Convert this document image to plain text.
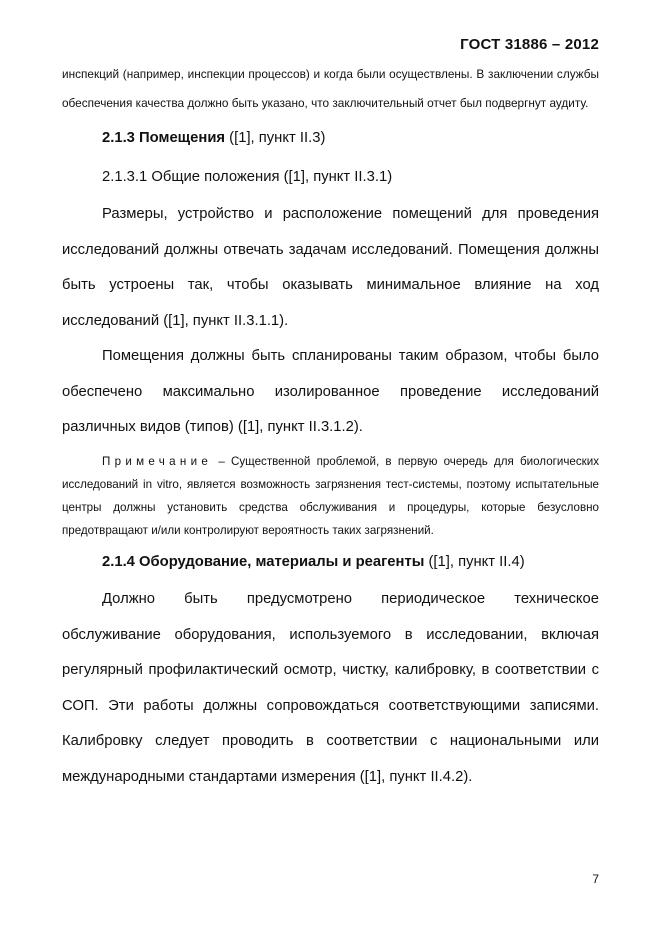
ГОСТ 31886 – 2012

инспекций (например, инспекции процессов) и когда были осуществлены. В заключении службы обеспечения качества должно быть указано, что заключительный отчет был подвергнут аудиту.

2.1.3 Помещения ([1], пункт II.3)

2.1.3.1 Общие положения ([1], пункт II.3.1)

Размеры, устройство и расположение помещений для проведения исследований должны отвечать задачам исследований. Помещения должны быть устроены так, чтобы оказывать минимальное влияние на ход исследований ([1], пункт II.3.1.1).

Помещения должны быть спланированы таким образом, чтобы было обеспечено максимально изолированное проведение исследований различных видов (типов) ([1], пункт II.3.1.2).

Примечание – Существенной проблемой, в первую очередь для биологических исследований in vitro, является возможность загрязнения тест-системы, поэтому испытательные центры должны установить средства обслуживания и процедуры, которые безусловно предотвращают и/или контролируют вероятность таких загрязнений.

2.1.4 Оборудование, материалы и реагенты ([1], пункт II.4)

Должно быть предусмотрено периодическое техническое обслуживание оборудования, используемого в исследовании, включая регулярный профилактический осмотр, чистку, калибровку, в соответствии с СОП. Эти работы должны сопровождаться соответствующими записями. Калибровку следует проводить в соответствии с национальными или международными стандартами измерения ([1], пункт II.4.2).

7
